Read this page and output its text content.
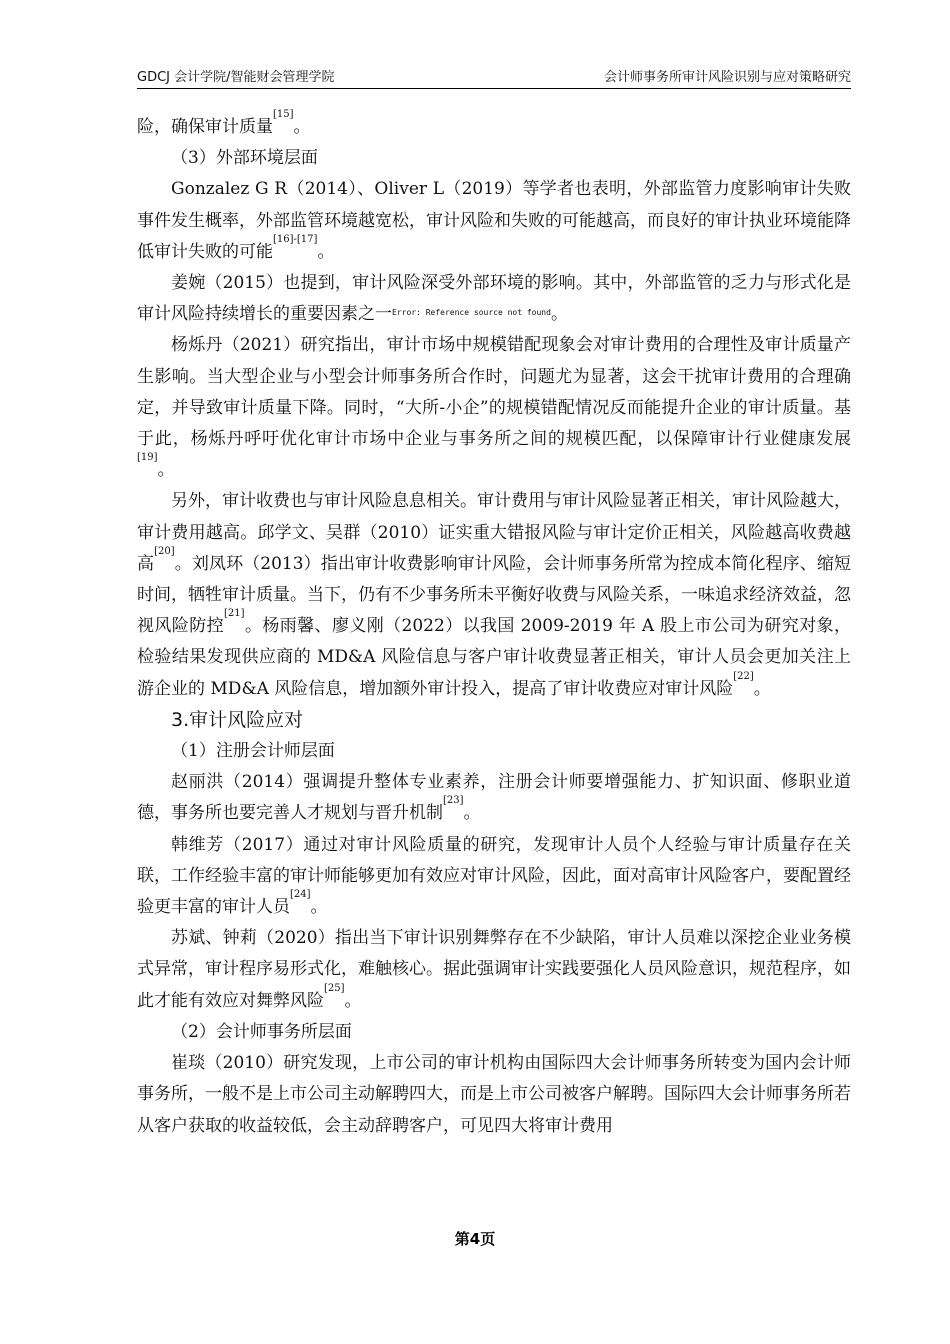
GDCJ 会计学院/智能财会管理学院	会计师事务所审计风险识别与应对策略研究

险，确保审计质量[15]。

（3）外部环境层面

Gonzalez G R（2014）、Oliver L（2019）等学者也表明，外部监管力度影响审计失败事件发生概率，外部监管环境越宽松，审计风险和失败的可能越高，而良好的审计执业环境能降低审计失败的可能[16]-[17]。

姜婉（2015）也提到，审计风险深受外部环境的影响。其中，外部监管的乏力与形式化是审计风险持续增长的重要因素之一$^{Error: Reference source not found}$。

杨烁丹（2021）研究指出，审计市场中规模错配现象会对审计费用的合理性及审计质量产生影响。当大型企业与小型会计师事务所合作时，问题尤为显著，这会干扰审计费用的合理确定，并导致审计质量下降。同时，“大所-小企”的规模错配情况反而能提升企业的审计质量。基于此，杨烁丹呼吁优化审计市场中企业与事务所之间的规模匹配，以保障审计行业健康发展[19]。

另外，审计收费也与审计风险息息相关。审计费用与审计风险显著正相关，审计风险越大，审计费用越高。邱学文、吴群（2010）证实重大错报风险与审计定价正相关，风险越高收费越高[20]。刘凤环（2013）指出审计收费影响审计风险，会计师事务所常为控成本简化程序、缩短时间，牺牲审计质量。当下，仍有不少事务所未平衡好收费与风险关系，一味追求经济效益，忽视风险防控[21]。杨雨馨、廖义刚（2022）以我国 2009-2019 年 A 股上市公司为研究对象，检验结果发现供应商的 MD&A 风险信息与客户审计收费显著正相关，审计人员会更加关注上游企业的 MD&A 风险信息，增加额外审计投入，提高了审计收费应对审计风险[22]。

3.审计风险应对

（1）注册会计师层面

赵丽洪（2014）强调提升整体专业素养，注册会计师要增强能力、扩知识面、修职业道德，事务所也要完善人才规划与晋升机制[23]。

韩维芳（2017）通过对审计风险质量的研究，发现审计人员个人经验与审计质量存在关联，工作经验丰富的审计师能够更加有效应对审计风险，因此，面对高审计风险客户，要配置经验更丰富的审计人员[24]。

苏斌、钟莉（2020）指出当下审计识别舞弊存在不少缺陷，审计人员难以深挖企业业务模式异常，审计程序易形式化，难触核心。据此强调审计实践要强化人员风险意识，规范程序，如此才能有效应对舞弊风险[25]。

（2）会计师事务所层面

崔琰（2010）研究发现，上市公司的审计机构由国际四大会计师事务所转变为国内会计师事务所，一般不是上市公司主动解聘四大，而是上市公司被客户解聘。国际四大会计师事务所若从客户获取的收益较低，会主动辞聘客户，可见四大将审计费用

第4页
